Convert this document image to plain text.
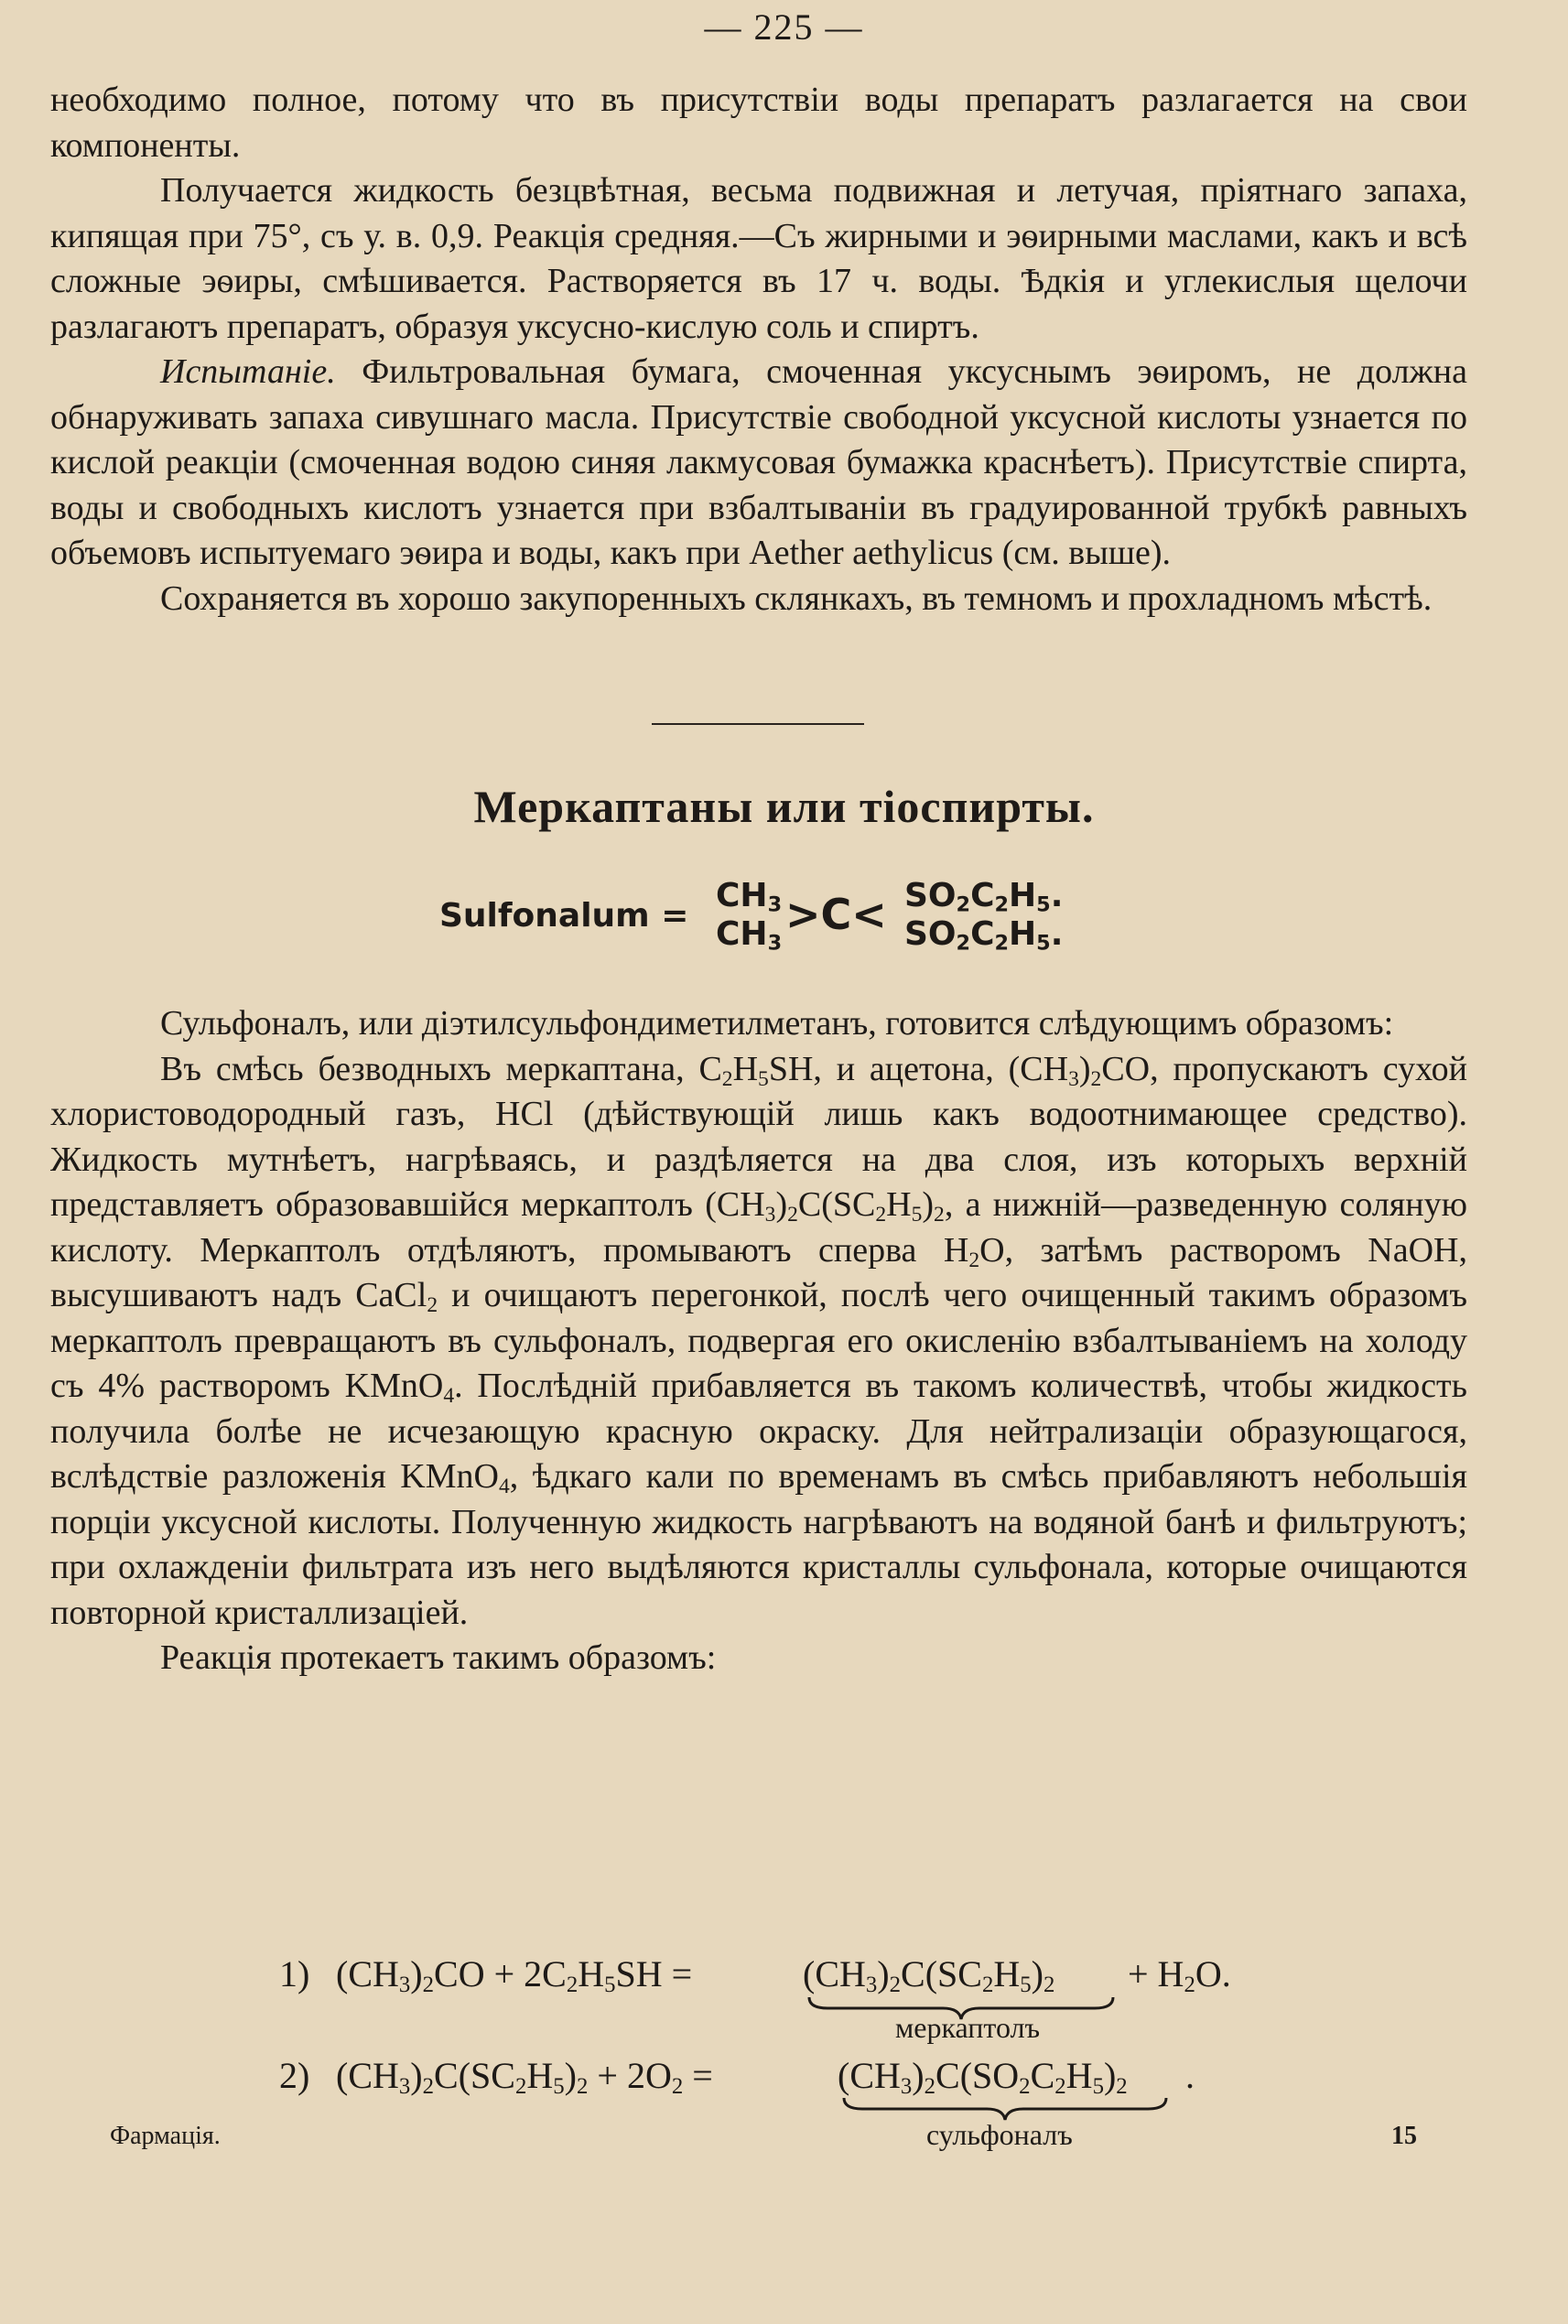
— 225 —

необходимо полное, потому что въ присутствіи воды препаратъ разлагается на свои компоненты.

Получается жидкость безцвѣтная, весьма подвижная и летучая, пріятнаго запаха, кипящая при 75°, съ у. в. 0,9. Реакція средняя.—Съ жирными и эѳирными маслами, какъ и всѣ сложные эѳиры, смѣшивается. Растворяется въ 17 ч. воды. Ѣдкія и углекислыя щелочи разлагаютъ препаратъ, образуя уксусно-кислую соль и спиртъ.

Испытаніе. Фильтровальная бумага, смоченная уксуснымъ эѳиромъ, не должна обнаруживать запаха сивушнаго масла. Присутствіе свободной уксусной кислоты узнается по кислой реакціи (смоченная водою синяя лакмусовая бумажка краснѣетъ). Присутствіе спирта, воды и свободныхъ кислотъ узнается при взбалтываніи въ градуированной трубкѣ равныхъ объемовъ испытуемаго эѳира и воды, какъ при Aether aethylicus (см. выше).

Сохраняется въ хорошо закупоренныхъ склянкахъ, въ темномъ и прохладномъ мѣстѣ.

Меркаптаны или тіоспирты.
Sulfonalum =
$CH_3$
$CH_3$
$>C< SO_2C_2H_5$.
$SO_2C_2H_5$.

Сульфоналъ, или діэтилсульфондиметилметанъ, готовится слѣдующимъ образомъ:

Въ смѣсь безводныхъ меркаптана, $C_2H_5SH$, и ацетона, $(CH_3)_2CO$, пропускаютъ сухой хлористоводородный газъ, HCl (дѣйствующій лишь какъ водоотнимающее средство). Жидкость мутнѣетъ, нагрѣваясь, и раздѣляется на два слоя, изъ которыхъ верхній представляетъ образовавшійся меркаптолъ $(CH_3)_2C(SC_2H_5)_2$, а нижній—разведенную соляную кислоту. Меркаптолъ отдѣляютъ, промываютъ сперва $H_2O$, затѣмъ растворомъ NaOH, высушиваютъ надъ CaCl$_2$ и очищаютъ перегонкой, послѣ чего очищенный такимъ образомъ меркаптолъ превращаютъ въ сульфоналъ, подвергая его окисленію взбалтываніемъ на холоду съ 4% растворомъ KMnO$_4$. Послѣдній прибавляется въ такомъ количествѣ, чтобы жидкость получила болѣе не исчезающую красную окраску. Для нейтрализаціи образующагося, вслѣдствіе разложенія KMnO$_4$, ѣдкаго кали по временамъ въ смѣсь прибавляютъ небольшія порціи уксусной кислоты. Полученную жидкость нагрѣваютъ на водяной банѣ и фильтруютъ; при охлажденіи фильтрата изъ него выдѣляются кристаллы сульфонала, которые очищаются повторной кристаллизаціей.

Реакція протекаетъ такимъ образомъ:

1) $(CH_3)_2CO + 2C_2H_5SH$ =	$(CH_3)_2C(SC_2H_5)_2 + H_2O$.
меркаптолъ
2) $(CH_3)_2C(SC_2H_5)_2 + 2O_2$ =	$(CH_3)_2C(SO_2C_2H_5)_2$ .
сульфоналъ
Фармація.	15
